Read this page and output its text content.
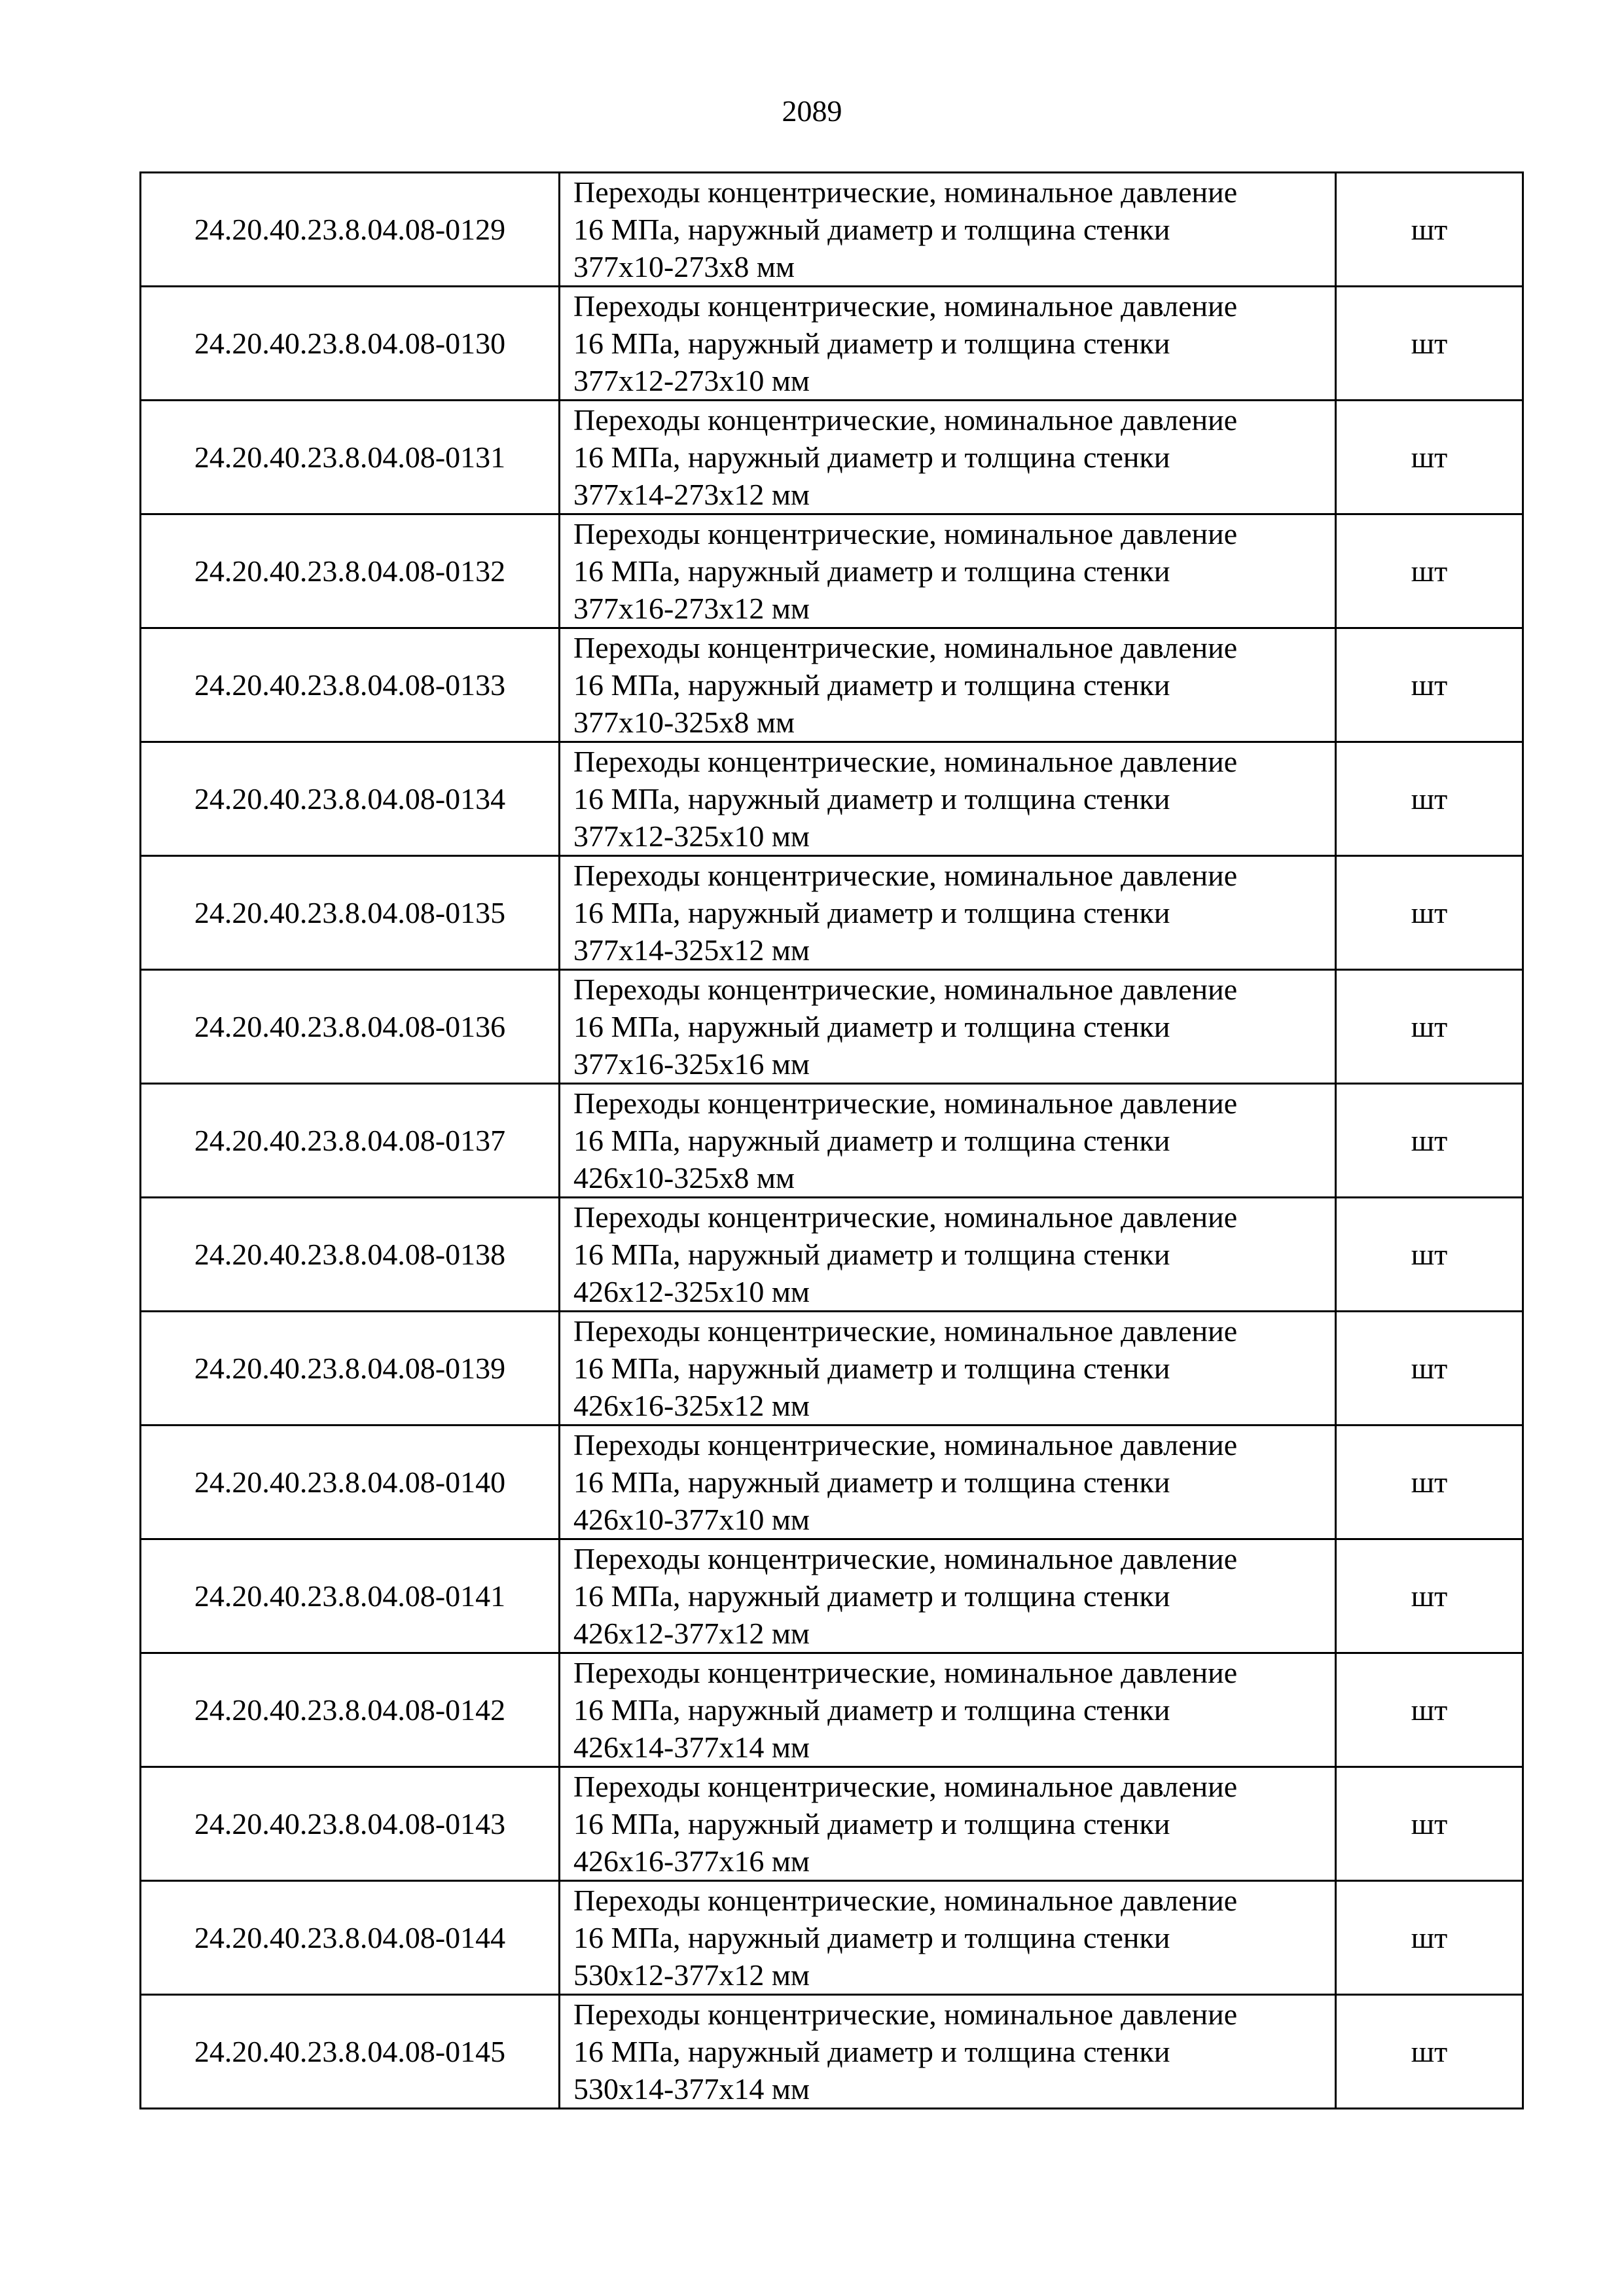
2089
24.20.40.23.8.04.08-0129	Переходы концентрические, номинальное давление
16 МПа, наружный диаметр и толщина стенки
377х10-273х8 мм	шт
24.20.40.23.8.04.08-0130	Переходы концентрические, номинальное давление
16 МПа, наружный диаметр и толщина стенки
377х12-273х10 мм	шт
24.20.40.23.8.04.08-0131	Переходы концентрические, номинальное давление
16 МПа, наружный диаметр и толщина стенки
377х14-273х12 мм	шт
24.20.40.23.8.04.08-0132	Переходы концентрические, номинальное давление
16 МПа, наружный диаметр и толщина стенки
377х16-273х12 мм	шт
24.20.40.23.8.04.08-0133	Переходы концентрические, номинальное давление
16 МПа, наружный диаметр и толщина стенки
377х10-325х8 мм	шт
24.20.40.23.8.04.08-0134	Переходы концентрические, номинальное давление
16 МПа, наружный диаметр и толщина стенки
377х12-325х10 мм	шт
24.20.40.23.8.04.08-0135	Переходы концентрические, номинальное давление
16 МПа, наружный диаметр и толщина стенки
377х14-325х12 мм	шт
24.20.40.23.8.04.08-0136	Переходы концентрические, номинальное давление
16 МПа, наружный диаметр и толщина стенки
377х16-325х16 мм	шт
24.20.40.23.8.04.08-0137	Переходы концентрические, номинальное давление
16 МПа, наружный диаметр и толщина стенки
426х10-325х8 мм	шт
24.20.40.23.8.04.08-0138	Переходы концентрические, номинальное давление
16 МПа, наружный диаметр и толщина стенки
426х12-325х10 мм	шт
24.20.40.23.8.04.08-0139	Переходы концентрические, номинальное давление
16 МПа, наружный диаметр и толщина стенки
426х16-325х12 мм	шт
24.20.40.23.8.04.08-0140	Переходы концентрические, номинальное давление
16 МПа, наружный диаметр и толщина стенки
426х10-377х10 мм	шт
24.20.40.23.8.04.08-0141	Переходы концентрические, номинальное давление
16 МПа, наружный диаметр и толщина стенки
426х12-377х12 мм	шт
24.20.40.23.8.04.08-0142	Переходы концентрические, номинальное давление
16 МПа, наружный диаметр и толщина стенки
426х14-377х14 мм	шт
24.20.40.23.8.04.08-0143	Переходы концентрические, номинальное давление
16 МПа, наружный диаметр и толщина стенки
426х16-377х16 мм	шт
24.20.40.23.8.04.08-0144	Переходы концентрические, номинальное давление
16 МПа, наружный диаметр и толщина стенки
530х12-377х12 мм	шт
24.20.40.23.8.04.08-0145	Переходы концентрические, номинальное давление
16 МПа, наружный диаметр и толщина стенки
530х14-377х14 мм	шт
